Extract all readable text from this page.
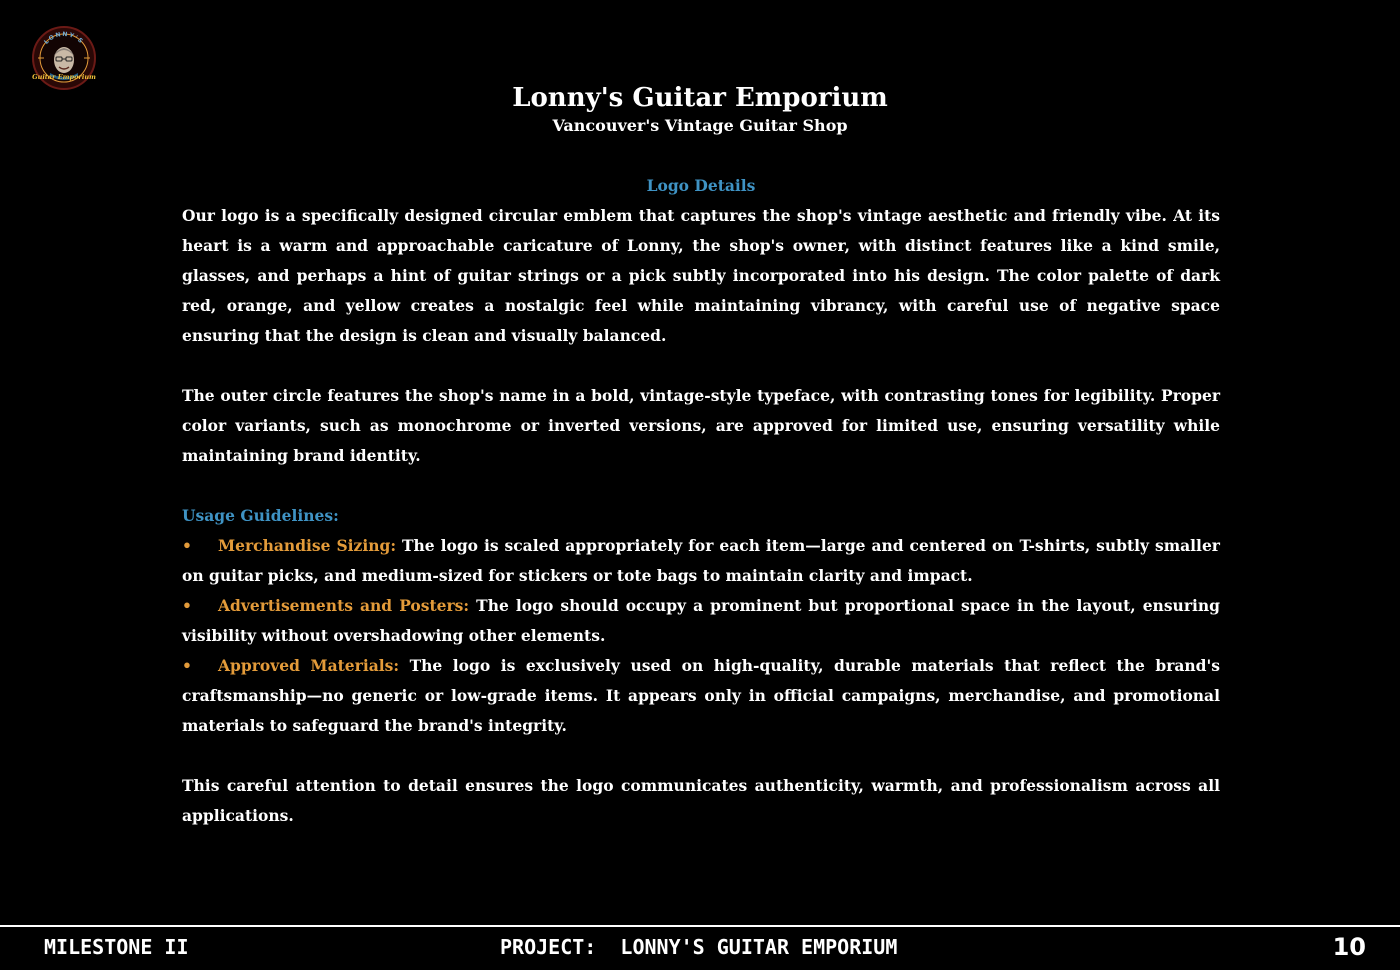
LONNY'S
Guitar Emporium

Lonny's Guitar Emporium

Vancouver's Vintage Guitar Shop

Logo Details

Our logo is a specifically designed circular emblem that captures the shop's vintage aesthetic and friendly vibe. At its heart is a warm and approachable caricature of Lonny, the shop's owner, with distinct features like a kind smile, glasses, and perhaps a hint of guitar strings or a pick subtly incorporated into his design. The color palette of dark red, orange, and yellow creates a nostalgic feel while maintaining vibrancy, with careful use of negative space ensuring that the design is clean and visually balanced.

The outer circle features the shop's name in a bold, vintage-style typeface, with contrasting tones for legibility. Proper color variants, such as monochrome or inverted versions, are approved for limited use, ensuring versatility while maintaining brand identity.

Usage Guidelines:

• Merchandise Sizing: The logo is scaled appropriately for each item—large and centered on T-shirts, subtly smaller on guitar picks, and medium-sized for stickers or tote bags to maintain clarity and impact.
• Advertisements and Posters: The logo should occupy a prominent but proportional space in the layout, ensuring visibility without overshadowing other elements.
• Approved Materials: The logo is exclusively used on high-quality, durable materials that reflect the brand's craftsmanship—no generic or low-grade items. It appears only in official campaigns, merchandise, and promotional materials to safeguard the brand's integrity.

This careful attention to detail ensures the logo communicates authenticity, warmth, and professionalism across all applications.

MILESTONE II	PROJECT:  LONNY'S GUITAR EMPORIUM	10
